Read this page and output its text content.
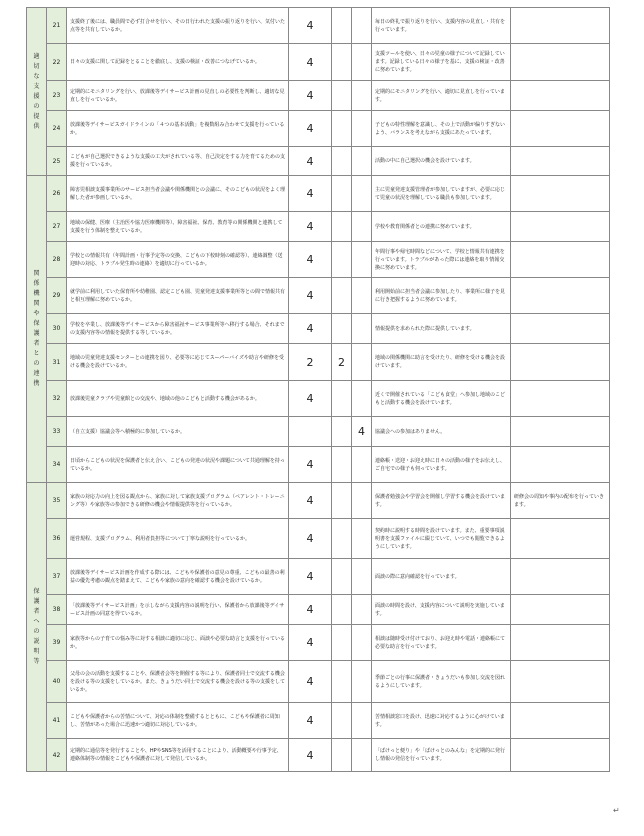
適切な支援の提供	21	支援終了後には、職員間で必ず打合せを行い、その日行われた支援の振り返りを行い、気付いた点等を共有しているか。	4			毎日の終礼で振り返りを行い、支援内容の見直し・共有を行っています。	
	22	日々の支援に関して記録をとることを徹底し、支援の検証・改善につなげているか。	4			支援ツールを使い、日々の児童の様子について記録しています。記録している日々の様子を基に、支援の検証・改善に努めています。	
	23	定期的にモニタリングを行い、放課後等デイサービス計画の見直しの必要性を判断し、適切な見直しを行っているか。	4			定期的にモニタリングを行い、適切に見直しを行っています。	
	24	放課後等デイサービスガイドラインの「４つの基本活動」を複数組み合わせて支援を行っているか。	4			子どもの特性理解を意識し、その上で活動が偏りすぎないよう、バランスを考えながら支援にあたっています。	
	25	こどもが自己選択できるような支援の工夫がされている等、自己決定をする力を育てるための支援を行っているか。	4			活動の中に自己選択の機会を設けています。	
関係機関や保護者との連携	26	障害児相談支援事業所のサービス担当者会議や関係機関との会議に、そのこどもの状況をよく理解した者が参画しているか。	4			主に児童発達支援管理者が参加していますが、必要に応じて児童の状況を理解している職員も参加しています。	
	27	地域の保健、医療（主治医や協力医療機関等）、障害福祉、保育、教育等の関係機関と連携して支援を行う体制を整えているか。	4			学校や教育関係者との連携に努めています。	
	28	学校との情報共有（年間計画・行事予定等の交換、こどもの下校時刻の確認等）、連絡調整（送迎時の対応、トラブル発生時の連絡）を適切に行っているか。	4			年間行事や帰宅時間などについて、学校と情報共有連携を行っています。トラブルがあった際には連絡を取り情報交換に努めています。	
	29	就学前に利用していた保育所や幼稚園、認定こども園、児童発達支援事業所等との間で情報共有と相互理解に努めているか。	4			利用開始前に担当者会議に参加したり、事業所に様子を見に行き把握するように努めています。	
	30	学校を卒業し、放課後等デイサービスから障害福祉サービス事業所等へ移行する場合、それまでの支援内容等の情報を提供する等しているか。	4			情報提供を求められた際に提供しています。	
	31	地域の児童発達支援センターとの連携を図り、必要等に応じてスーパーバイズや助言や研修を受ける機会を設けているか。	2	2		地域の関係機関に助言を受けたり、研修を受ける機会を設けています。	
	32	放課後児童クラブや児童館との交流や、地域の他のこどもと活動する機会があるか。	4			近くで開催されている「こども食堂」へ参加し地域のこどもと活動する機会を設けています。	
	33	（自立支援）協議会等へ積極的に参加しているか。			4	協議会への参加はありません。	
	34	日頃からこどもの状況を保護者と伝え合い、こどもの発達の状況や課題について共通理解を持っているか。	4			連絡帳・送迎・お迎え時に日々の活動の様子をお伝えし、ご自宅での様子も伺っています。	
保護者への説明等	35	家族の対応力の向上を図る観点から、家族に対して家族支援プログラム（ペアレント・トレーニング等）や家族等の参加できる研修の機会や情報提供等を行っているか。	4			保護者勉強会や学習会を開催し学習する機会を設けています。	研修会の周知や事内の配布を行っていきます。
	36	運営規程、支援プログラム、利用者負担等について丁寧な説明を行っているか。	4			契約時に説明する時間を設けています。また、重要事項説明書を支援ファイルに綴じていて、いつでも閲覧できるようにしています。	
	37	放課後等デイサービス計画を作成する際には、こどもや保護者の意見の尊重、こどもの最善の利益の優先考慮の観点を踏まえて、こどもや家族の意向を確認する機会を設けているか。	4			面談の際に意向確認を行っています。	
	38	「放課後等デイサービス計画」を示しながら支援内容の説明を行い、保護者から放課後等デイサービス計画の同意を得ているか。	4			面談の時間を設け、支援内容について説明を実施しています。	
	39	家族等からの子育ての悩み等に対する相談に適切に応じ、面談や必要な助言と支援を行っているか。	4			相談は随時受け付けており、お迎え時や電話・連絡帳にて必要な助言を行っています。	
	40	父母の会の活動を支援することや、保護者会等を開催する等により、保護者同士で交流する機会を設ける等の支援をしているか。また、きょうだい同士で交流する機会を設ける等の支援をしているか。	4			季節ごとの行事に保護者・きょうだいも参加し交流を図れるようにしています。	
	41	こどもや保護者からの苦情について、対応の体制を整備するとともに、こどもや保護者に周知し、苦情があった場合に迅速かつ適切に対応しているか。	4			苦情相談窓口を設け、迅速に対応するように心がけています。	
	42	定期的に通信等を発行することや、HPやSNS等を活用することにより、活動概要や行事予定、連絡体制等の情報をこどもや保護者に対して発信しているか。	4			「ぱけっと便り」や「ぱけっとのみんな」を定期的に発行し情報の発信を行っています。	
↵
